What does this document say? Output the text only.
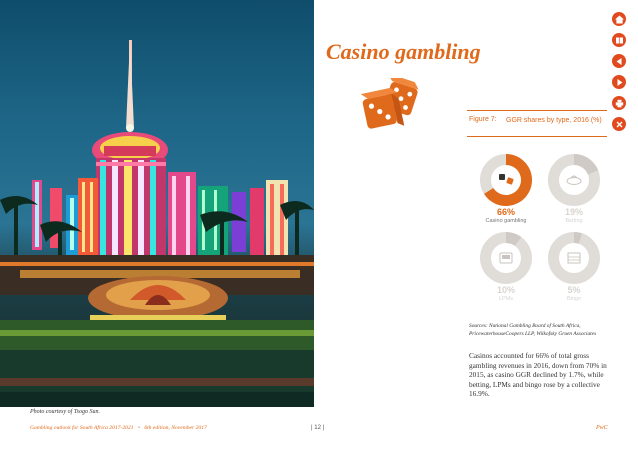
Photo courtesy of Tsogo Sun.
Casino gambling
Figure 7: GGR shares by type, 2016 (%)
66%
Casino gambling
19%
Betting
10%
LPMs
5%
Bingo
Sources: National Gambling Board of South Africa, PricewaterhouseCoopers LLP, Wilkofsky Gruen Associates
Casinos accounted for 66% of total gross gambling revenues in 2016, down from 70% in 2015, as casino GGR declined by 1.7%, while betting, LPMs and bingo rose by a collective 16.9%.
Gambling outlook for South Africa 2017-2021 • 6th edition, November 2017	| 12 |	PwC
